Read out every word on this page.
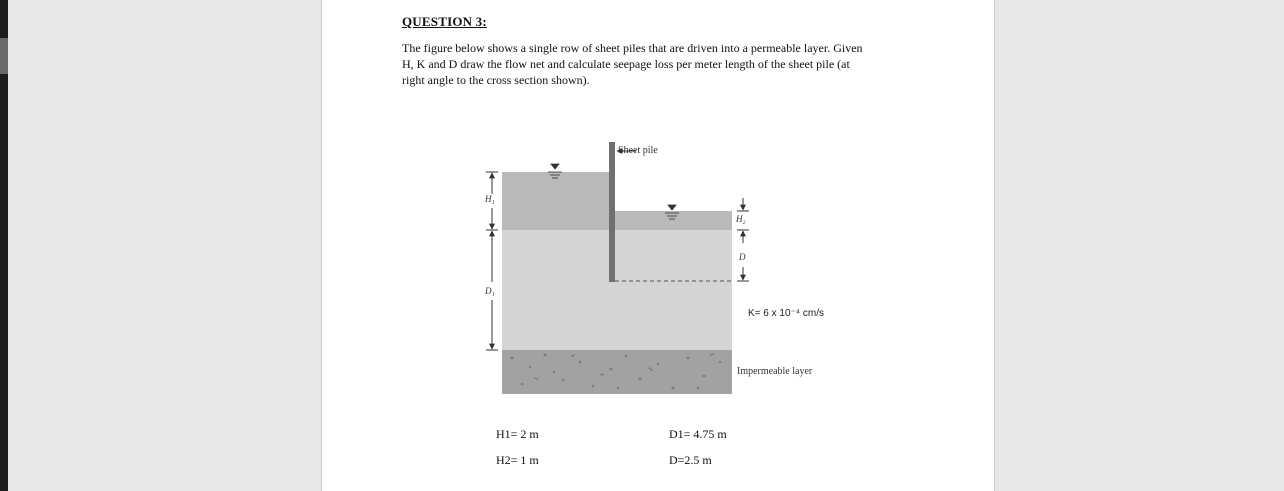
QUESTION 3:
The figure below shows a single row of sheet piles that are driven into a permeable layer. Given
H, K and D draw the flow net and calculate seepage loss per meter length of the sheet pile (at
right angle to the cross section shown).
Sheet pile
H₁
D₁
H₂
D
K= 6 x 10⁻⁴ cm/s
Impermeable layer
H1= 2 m
H2= 1 m
D1= 4.75 m
D=2.5 m
